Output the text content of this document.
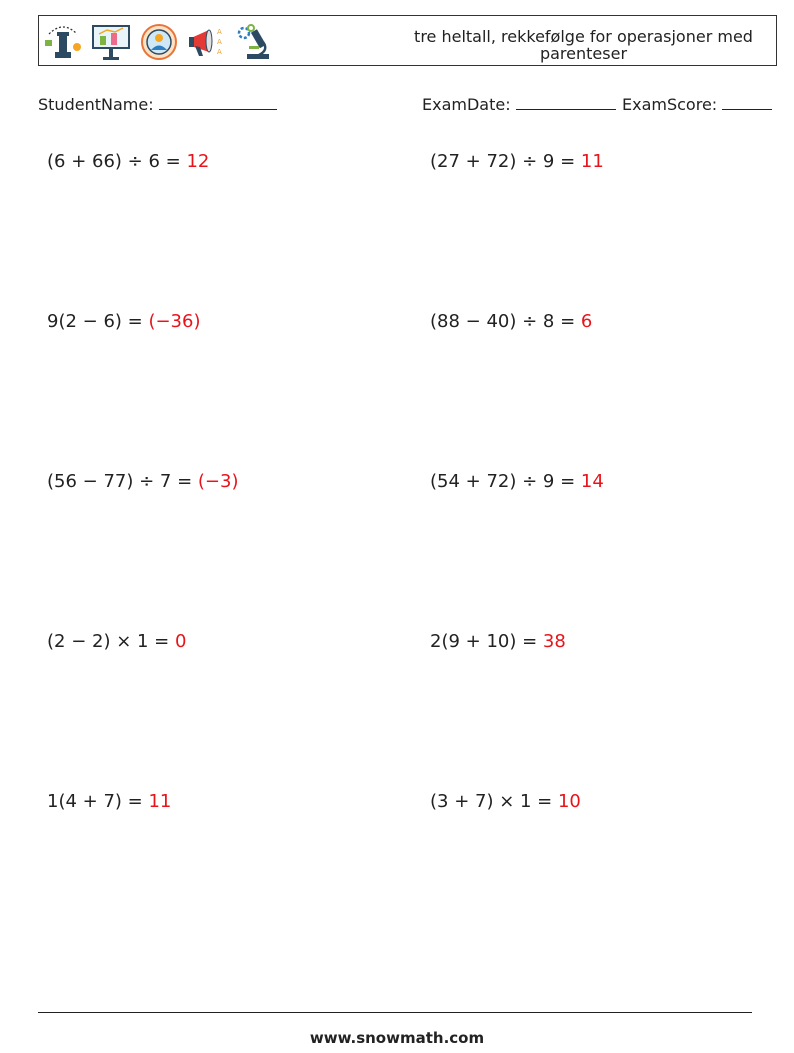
A
A
A
tre heltall, rekkefølge for operasjoner med parenteser
StudentName:	ExamDate:	ExamScore:
(6 + 66) ÷ 6 = 12	(27 + 72) ÷ 9 = 11
9(2 − 6) = (−36)	(88 − 40) ÷ 8 = 6
(56 − 77) ÷ 7 = (−3)	(54 + 72) ÷ 9 = 14
(2 − 2) × 1 = 0	2(9 + 10) = 38
1(4 + 7) = 11	(3 + 7) × 1 = 10
www.snowmath.com
